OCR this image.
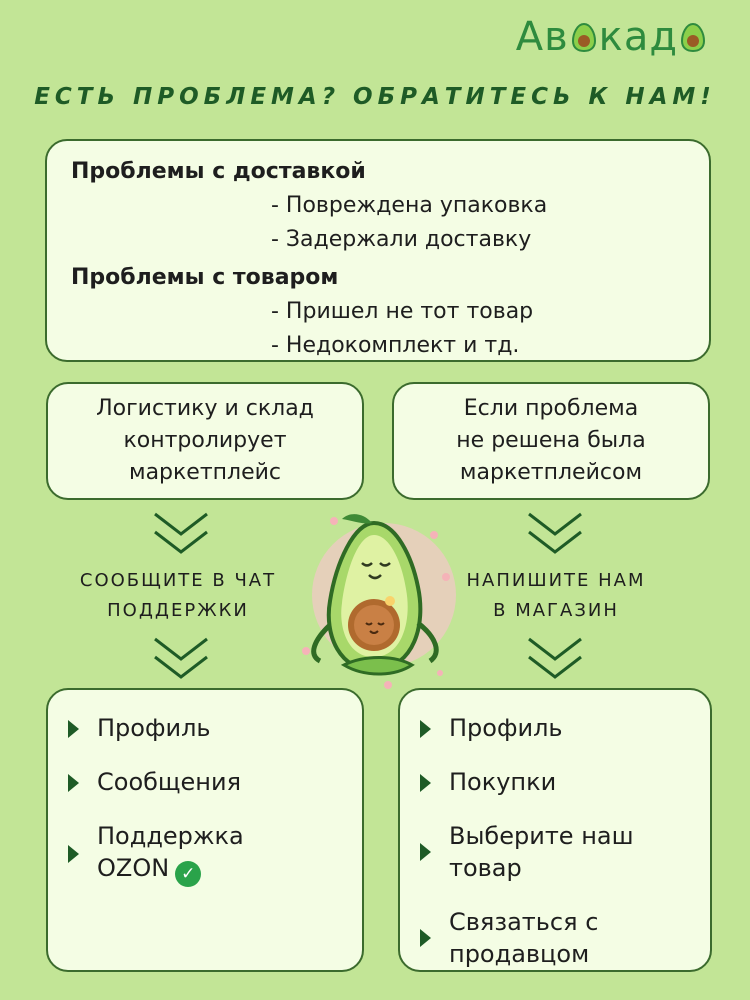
Ав кад
ЕСТЬ ПРОБЛЕМА? ОБРАТИТЕСЬ К НАМ!
Проблемы с доставкой
- Повреждена упаковка
- Задержали доставку
Проблемы с товаром
- Пришел не тот товар
- Недокомплект и тд.
Логистику и склад
контролирует
маркетплейс
Если проблема
не решена была
маркетплейсом
СООБЩИТЕ В ЧАТ
ПОДДЕРЖКИ
НАПИШИТЕ НАМ
В МАГАЗИН
Профиль
Сообщения
Поддержка
OZON ✓
Профиль
Покупки
Выберите наш
товар
Связаться с
продавцом
